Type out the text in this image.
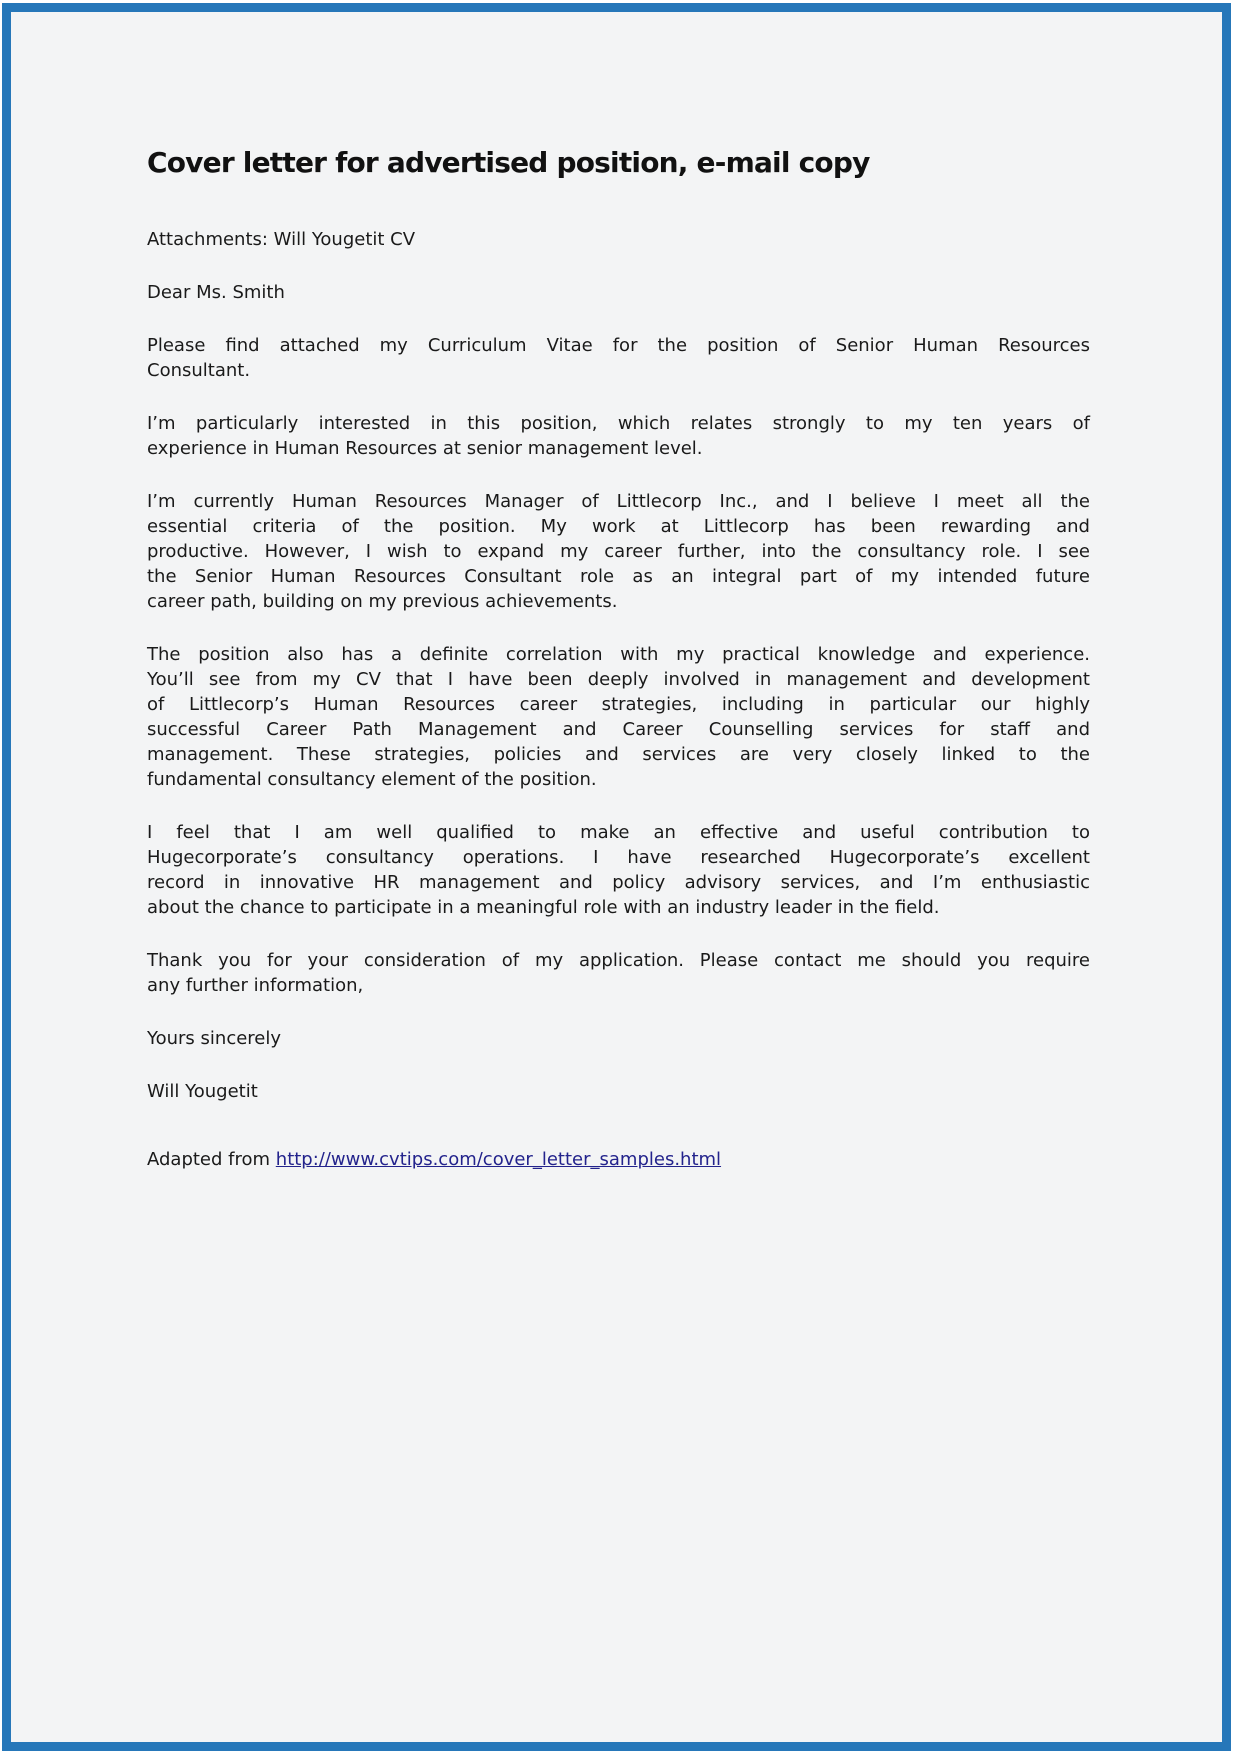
Cover letter for advertised position, e-mail copy

Attachments: Will Yougetit CV

Dear Ms. Smith

Please find attached my Curriculum Vitae for the position of Senior Human Resources
Consultant.
I’m particularly interested in this position, which relates strongly to my ten years of
experience in Human Resources at senior management level.
I’m currently Human Resources Manager of Littlecorp Inc., and I believe I meet all the
essential criteria of the position. My work at Littlecorp has been rewarding and
productive. However, I wish to expand my career further, into the consultancy role. I see
the Senior Human Resources Consultant role as an integral part of my intended future
career path, building on my previous achievements.
The position also has a definite correlation with my practical knowledge and experience.
You’ll see from my CV that I have been deeply involved in management and development
of Littlecorp’s Human Resources career strategies, including in particular our highly
successful Career Path Management and Career Counselling services for staff and
management. These strategies, policies and services are very closely linked to the
fundamental consultancy element of the position.
I feel that I am well qualified to make an effective and useful contribution to
Hugecorporate’s consultancy operations. I have researched Hugecorporate’s excellent
record in innovative HR management and policy advisory services, and I’m enthusiastic
about the chance to participate in a meaningful role with an industry leader in the field.
Thank you for your consideration of my application. Please contact me should you require
any further information,

Yours sincerely

Will Yougetit

Adapted from http://www.cvtips.com/cover_letter_samples.html
